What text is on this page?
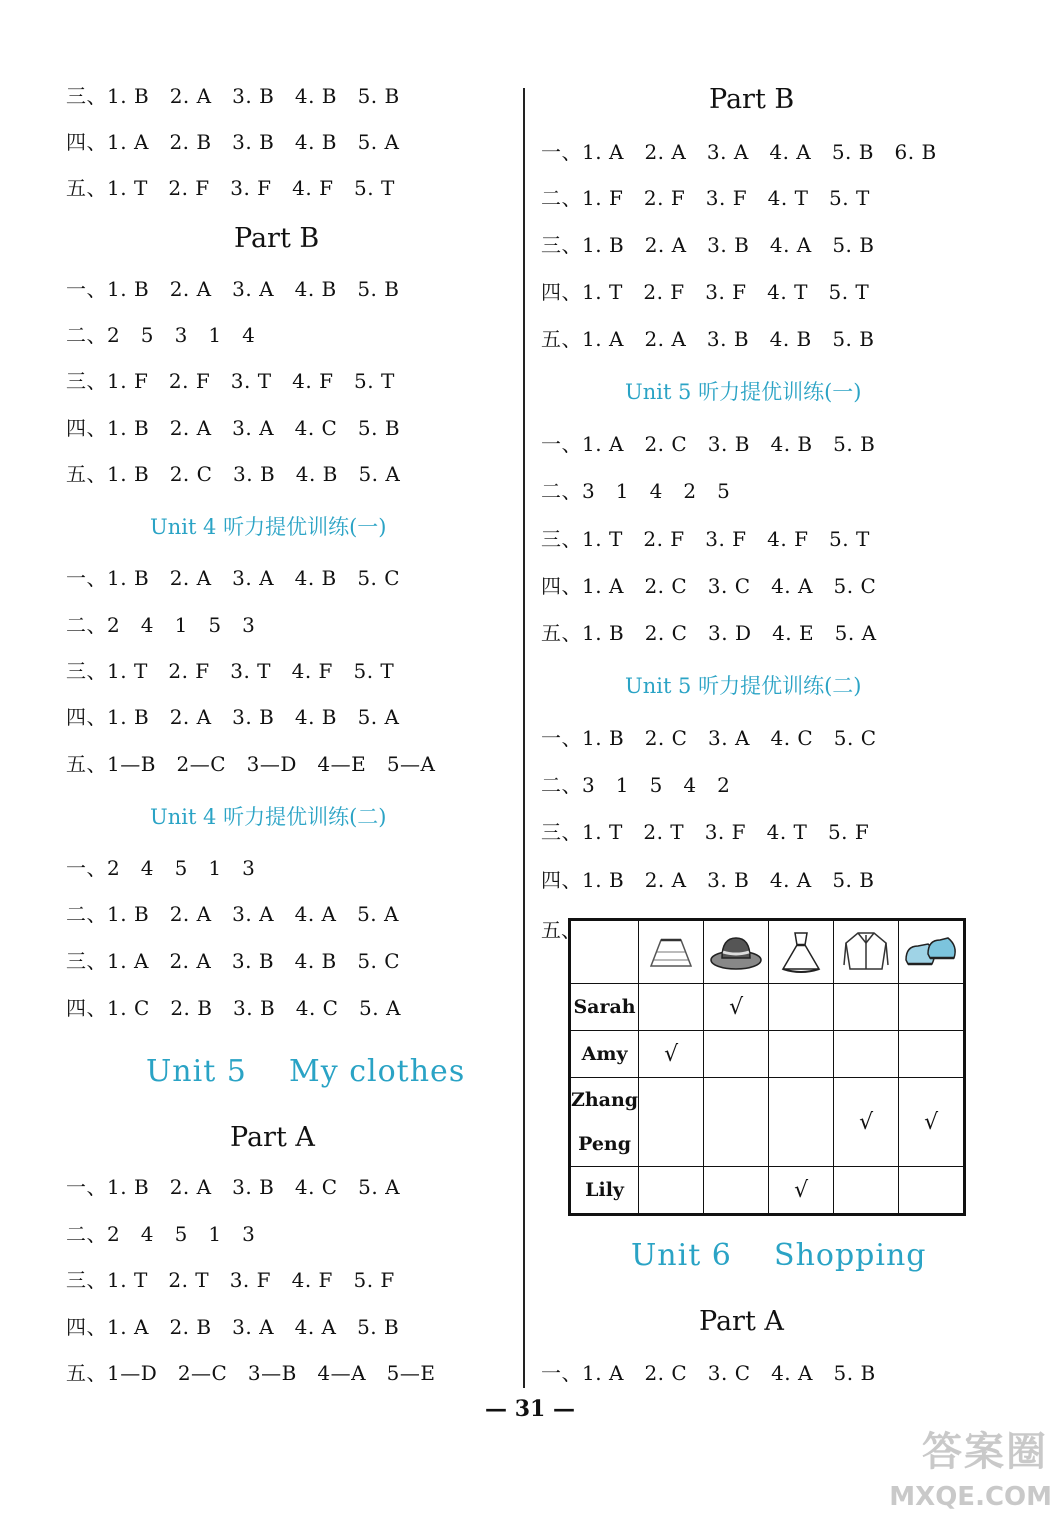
三、1. B   2. A   3. B   4. B   5. B
四、1. A   2. B   3. B   4. B   5. A
五、1. T   2. F   3. F   4. F   5. T
Part B
一、1. B   2. A   3. A   4. B   5. B
二、2   5   3   1   4
三、1. F   2. F   3. T   4. F   5. T
四、1. B   2. A   3. A   4. C   5. B
五、1. B   2. C   3. B   4. B   5. A
Unit 4 听力提优训练(一)
一、1. B   2. A   3. A   4. B   5. C
二、2   4   1   5   3
三、1. T   2. F   3. T   4. F   5. T
四、1. B   2. A   3. B   4. B   5. A
五、1—B   2—C   3—D   4—E   5—A
Unit 4 听力提优训练(二)
一、2   4   5   1   3
二、1. B   2. A   3. A   4. A   5. A
三、1. A   2. A   3. B   4. B   5. C
四、1. C   2. B   3. B   4. C   5. A
Unit 5    My clothes
Part A
一、1. B   2. A   3. B   4. C   5. A
二、2   4   5   1   3
三、1. T   2. T   3. F   4. F   5. F
四、1. A   2. B   3. A   4. A   5. B
五、1—D   2—C   3—B   4—A   5—E
Part B
一、1. A   2. A   3. A   4. A   5. B   6. B
二、1. F   2. F   3. F   4. T   5. T
三、1. B   2. A   3. B   4. A   5. B
四、1. T   2. F   3. F   4. T   5. T
五、1. A   2. A   3. B   4. B   5. B
Unit 5 听力提优训练(一)
一、1. A   2. C   3. B   4. B   5. B
二、3   1   4   2   5
三、1. T   2. F   3. F   4. F   5. T
四、1. A   2. C   3. C   4. A   5. C
五、1. B   2. C   3. D   4. E   5. A
Unit 5 听力提优训练(二)
一、1. B   2. C   3. A   4. C   5. C
二、3   1   5   4   2
三、1. T   2. T   3. F   4. T   5. F
四、1. B   2. A   3. B   4. A   5. B
五、

Sarah		√			
Amy	√				
Zhang
Peng				√	√
Lily			√		
Unit 6    Shopping
Part A
一、1. A   2. C   3. C   4. A   5. B
— 31 —
答案圈
MXQE.COM
